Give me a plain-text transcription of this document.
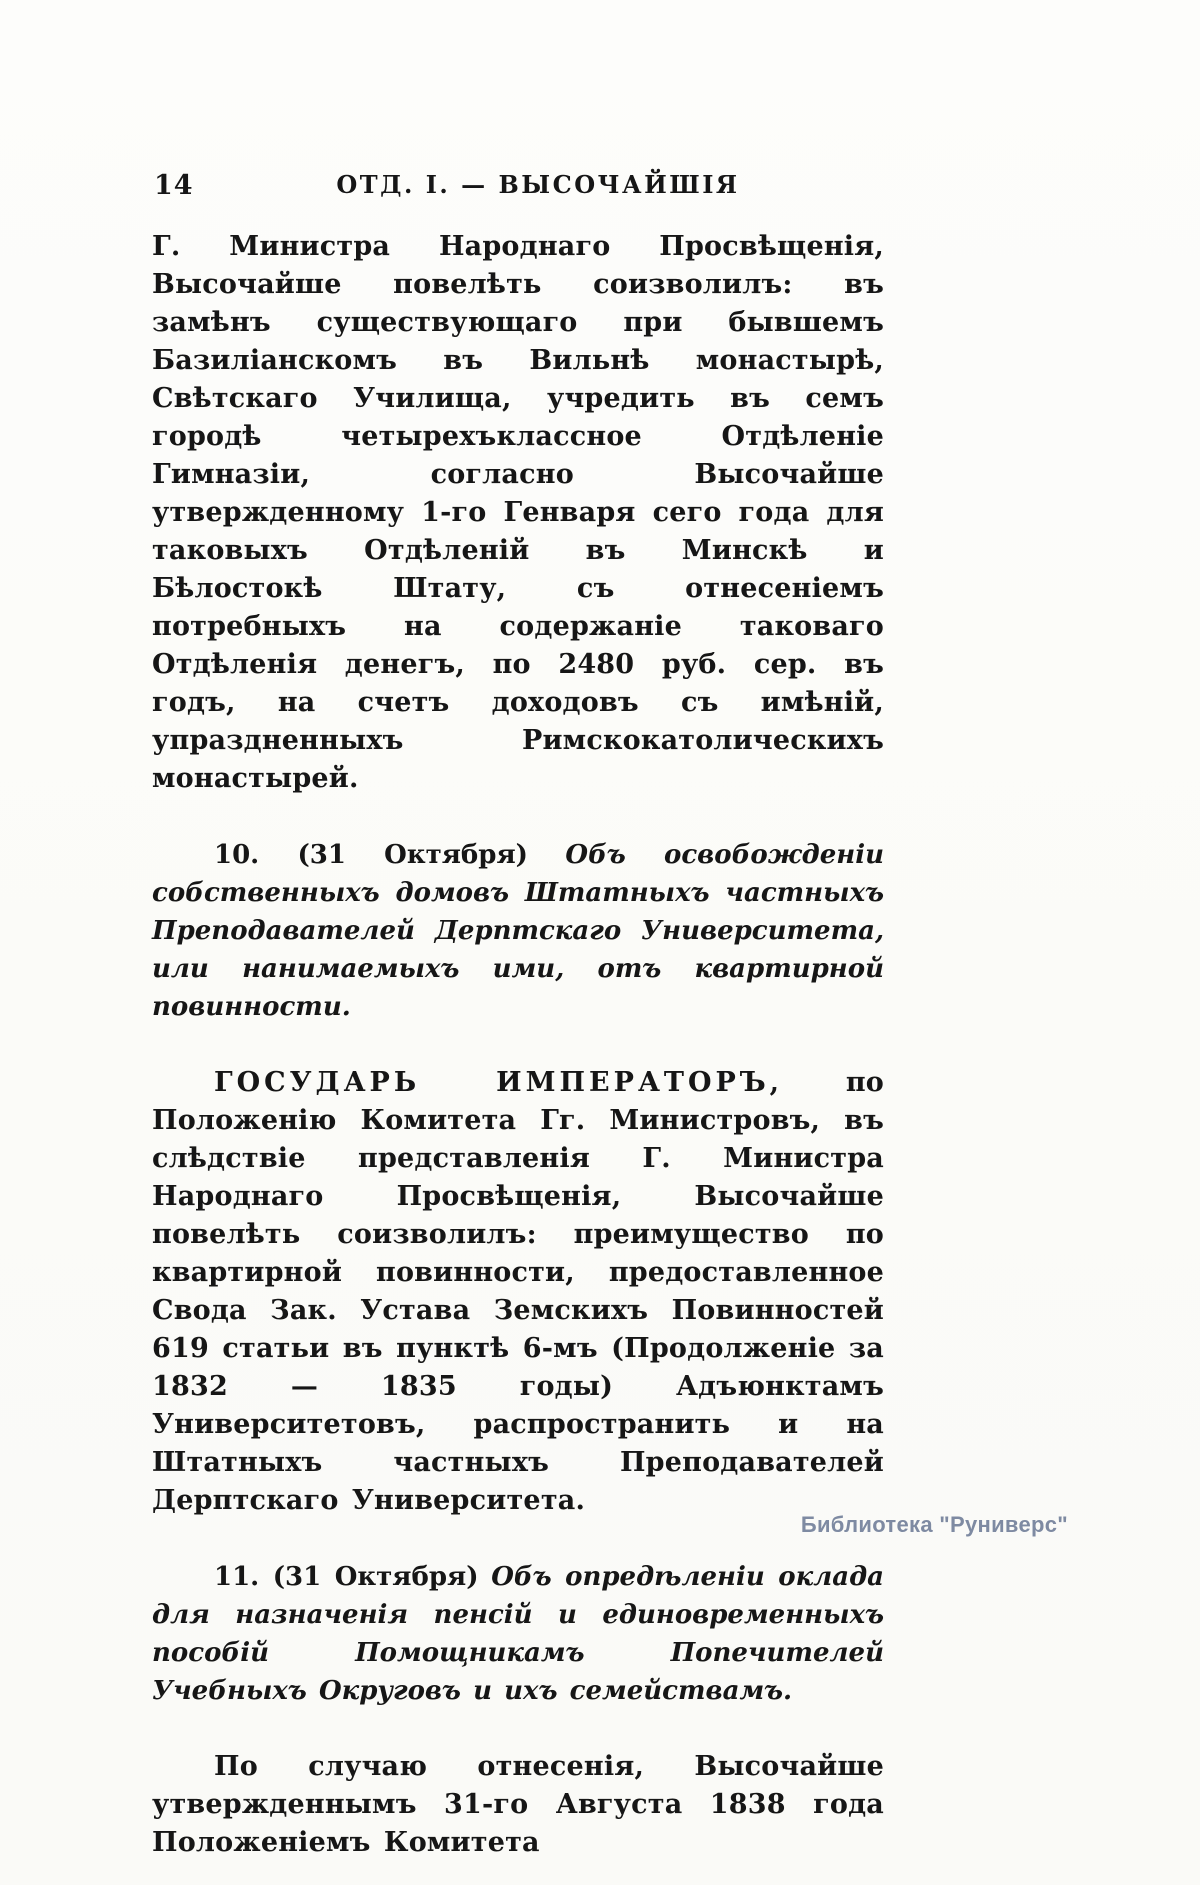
14	ОТД. I. — ВЫСОЧАЙШІЯ

Г. Министра Народнаго Просвѣщенія, Высочайше повелѣть соизволилъ: въ замѣнъ существующаго при бывшемъ Базиліанскомъ въ Вильнѣ монастырѣ, Свѣтскаго Училища, учредить въ семъ городѣ четырехъклассное Отдѣленіе Гимназіи, согласно Высочайше утвержденному 1-го Генваря сего года для таковыхъ Отдѣленій въ Минскѣ и Бѣлостокѣ Штату, съ отнесеніемъ потребныхъ на содержаніе таковаго Отдѣленія денегъ, по 2480 руб. сер. въ годъ, на счетъ доходовъ съ имѣній, упраздненныхъ Римскокатолическихъ монастырей.

10. (31 Октября) Объ освобожденіи собственныхъ домовъ Штатныхъ частныхъ Преподавателей Дерптскаго Университета, или нанимаемыхъ ими, отъ квартирной повинности.

ГОСУДАРЬ ИМПЕРАТОРЪ, по Положенію Комитета Гг. Министровъ, въ слѣдствіе представленія Г. Министра Народнаго Просвѣщенія, Высочайше повелѣть соизволилъ: преимущество по квартирной повинности, предоставленное Свода Зак. Устава Земскихъ Повинностей 619 статьи въ пунктѣ 6-мъ (Продолженіе за 1832 — 1835 годы) Адъюнктамъ Университетовъ, распространить и на Штатныхъ частныхъ Преподавателей Дерптскаго Университета.

11. (31 Октября) Объ опредѣленіи оклада для назначенія пенсій и единовременныхъ пособій Помощникамъ Попечителей Учебныхъ Округовъ и ихъ семействамъ.

По случаю отнесенія, Высочайше утвержденнымъ 31-го Августа 1838 года Положеніемъ Комитета

Библиотека "Руниверс"
